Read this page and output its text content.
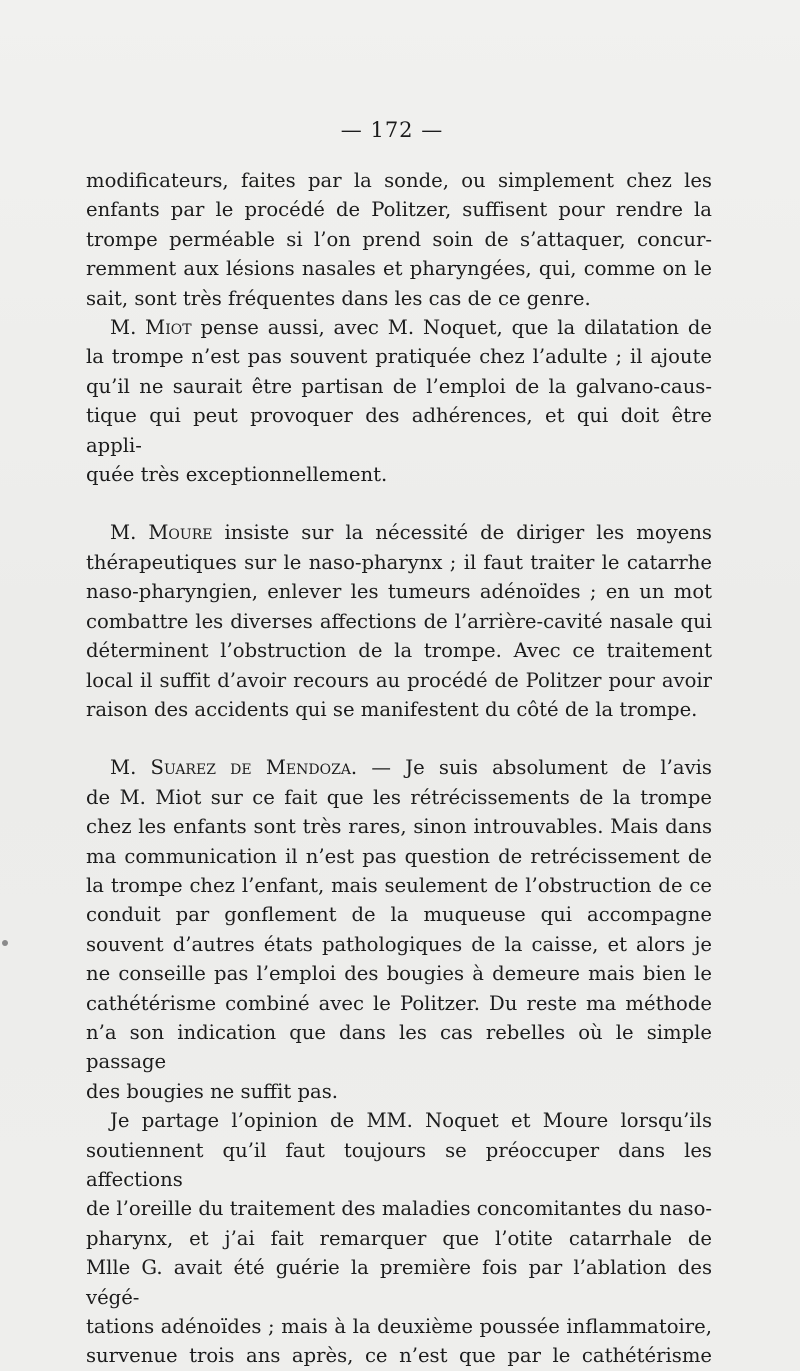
— 172 —

modificateurs, faites par la sonde, ou simplement chez les
enfants par le procédé de Politzer, suffisent pour rendre la
trompe perméable si l’on prend soin de s’attaquer, concur-
remment aux lésions nasales et pharyngées, qui, comme on le
sait, sont très fréquentes dans les cas de ce genre.

M. Miot pense aussi, avec M. Noquet, que la dilatation de

la trompe n’est pas souvent pratiquée chez l’adulte ; il ajoute
qu’il ne saurait être partisan de l’emploi de la galvano-caus-
tique qui peut provoquer des adhérences, et qui doit être appli-
quée très exceptionnellement.

M. Moure insiste sur la nécessité de diriger les moyens

thérapeutiques sur le naso-pharynx ; il faut traiter le catarrhe
naso-pharyngien, enlever les tumeurs adénoïdes ; en un mot
combattre les diverses affections de l’arrière-cavité nasale qui
déterminent l’obstruction de la trompe. Avec ce traitement
local il suffit d’avoir recours au procédé de Politzer pour avoir
raison des accidents qui se manifestent du côté de la trompe.

M. Suarez de Mendoza. — Je suis absolument de l’avis

de M. Miot sur ce fait que les rétrécissements de la trompe
chez les enfants sont très rares, sinon introuvables. Mais dans
ma communication il n’est pas question de retrécissement de
la trompe chez l’enfant, mais seulement de l’obstruction de ce
conduit par gonflement de la muqueuse qui accompagne
souvent d’autres états pathologiques de la caisse, et alors je
ne conseille pas l’emploi des bougies à demeure mais bien le
cathétérisme combiné avec le Politzer. Du reste ma méthode
n’a son indication que dans les cas rebelles où le simple passage
des bougies ne suffit pas.

Je partage l’opinion de MM. Noquet et Moure lorsqu’ils

soutiennent qu’il faut toujours se préoccuper dans les affections
de l’oreille du traitement des maladies concomitantes du naso-
pharynx, et j’ai fait remarquer que l’otite catarrhale de
Mlle G. avait été guérie la première fois par l’ablation des végé-
tations adénoïdes ; mais à la deuxième poussée inflammatoire,
survenue trois ans après, ce n’est que par le cathétérisme
